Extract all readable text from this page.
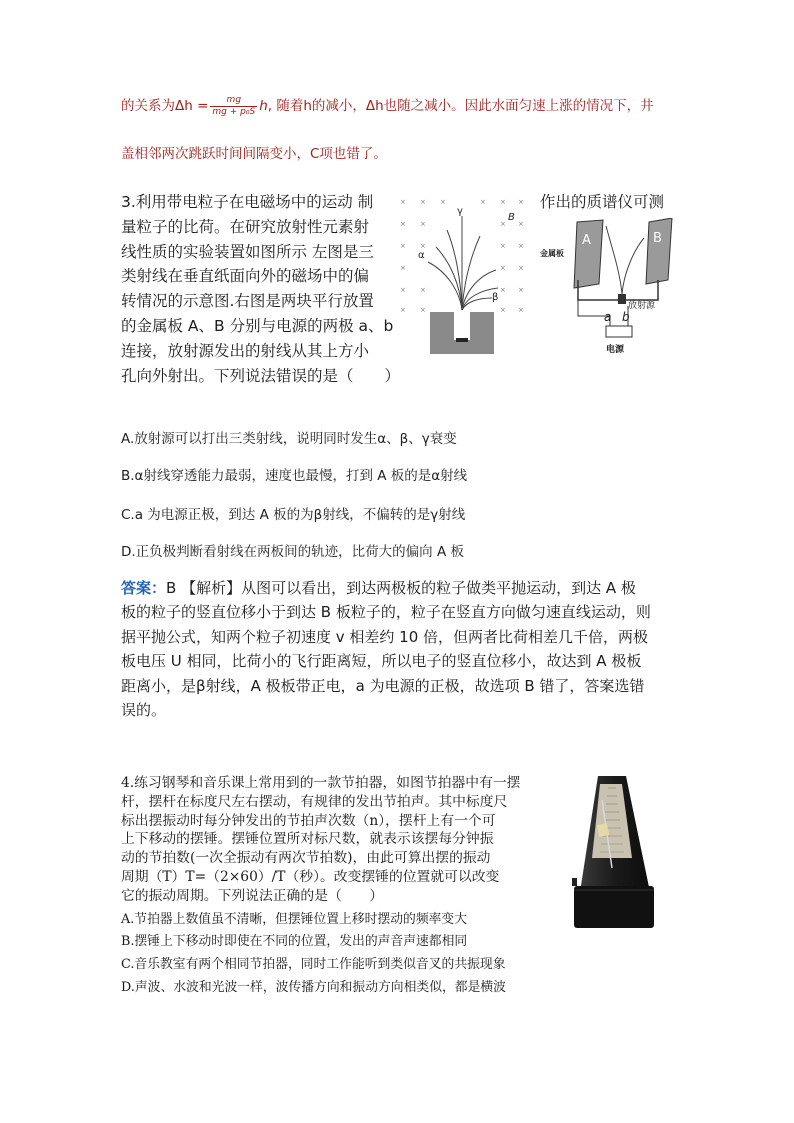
的关系为$\Delta h = \frac{mg}{\text{mg + p₀S}} h$, 随着h的减小，Δh也随之减小。因此水面匀速上涨的情况下，井
盖相邻两次跳跃时间间隔变小，C项也错了。
3.利用带电粒子在电磁场中的运动 制
量粒子的比荷。在研究放射性元素射
线性质的实验装置如图所示 左图是三
类射线在垂直纸面向外的磁场中的偏
转情况的示意图.右图是两块平行放置
的金属板 A、B 分别与电源的两极 a、b
连接，放射源发出的射线从其上方小
孔向外射出。下列说法错误的是（　　）
作出的质谱仪可测
× × ×	× × ×
× ×	× ×
× ×	× ×
×	× ×
× ×	× ×
× ×	× ×
γ
α
β
B
A	B
金属板
放射源
a b
电源
A.放射源可以打出三类射线，说明同时发生α、β、γ衰变
B.α射线穿透能力最弱，速度也最慢，打到 A 板的是α射线
C.a 为电源正极，到达 A 板的为β射线，不偏转的是γ射线
D.正负极判断看射线在两板间的轨迹，比荷大的偏向 A 板
答案：B 【解析】从图可以看出，到达两极板的粒子做类平抛运动，到达 A 极
板的粒子的竖直位移小于到达 B 板粒子的，粒子在竖直方向做匀速直线运动，则
据平抛公式，知两个粒子初速度 v 相差约 10 倍，但两者比荷相差几千倍，两极
板电压 U 相同，比荷小的飞行距离短，所以电子的竖直位移小，故达到 A 极板
距离小，是β射线，A 极板带正电，a 为电源的正极，故选项 B 错了，答案选错
误的。
4.练习钢琴和音乐课上常用到的一款节拍器，如图节拍器中有一摆
杆，摆杆在标度尺左右摆动，有规律的发出节拍声。其中标度尺
标出摆振动时每分钟发出的节拍声次数（n），摆杆上有一个可
上下移动的摆锤。摆锤位置所对标尺数，就表示该摆每分钟振
动的节拍数(一次全振动有两次节拍数)，由此可算出摆的振动
周期（T）T=（2×60）/T（秒）。改变摆锤的位置就可以改变
它的振动周期。下列说法正确的是（　　）
A.节拍器上数值虽不清晰，但摆锤位置上移时摆动的频率变大
B.摆锤上下移动时即使在不同的位置，发出的声音声速都相同
C.音乐教室有两个相同节拍器，同时工作能听到类似音叉的共振现象
D.声波、水波和光波一样，波传播方向和振动方向相类似，都是横波
